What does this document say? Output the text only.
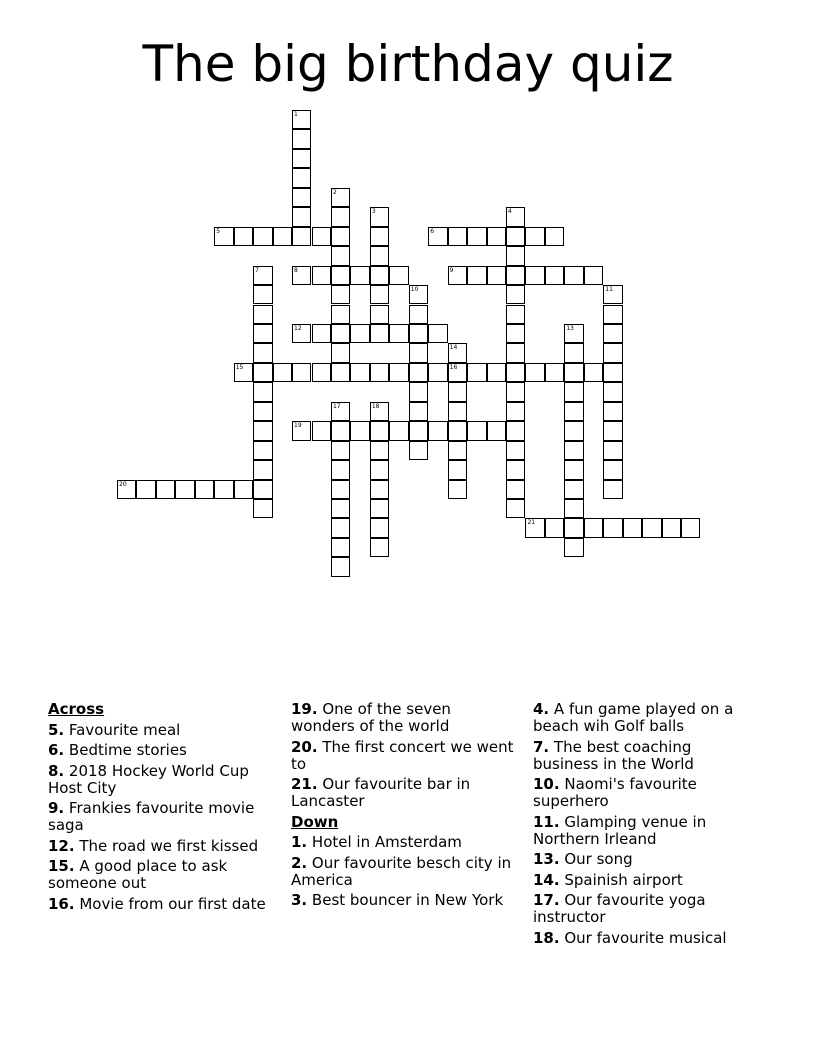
The big birthday quiz
1
2
3	4
5	6
7	8	9
10	11
12	13
14
16
15
17	18
19
20
21
Across
5. Favourite meal
6. Bedtime stories
8. 2018 Hockey World Cup Host City
9. Frankies favourite movie saga
12. The road we first kissed
15. A good place to ask someone out
16. Movie from our first date
19. One of the seven wonders of the world
20. The first concert we went to
21. Our favourite bar in Lancaster
Down
1. Hotel in Amsterdam
2. Our favourite besch city in America
3. Best bouncer in New York
4. A fun game played on a beach wih Golf balls
7. The best coaching business in the World
10. Naomi's favourite superhero
11. Glamping venue in Northern Irleand
13. Our song
14. Spainish airport
17. Our favourite yoga instructor
18. Our favourite musical
